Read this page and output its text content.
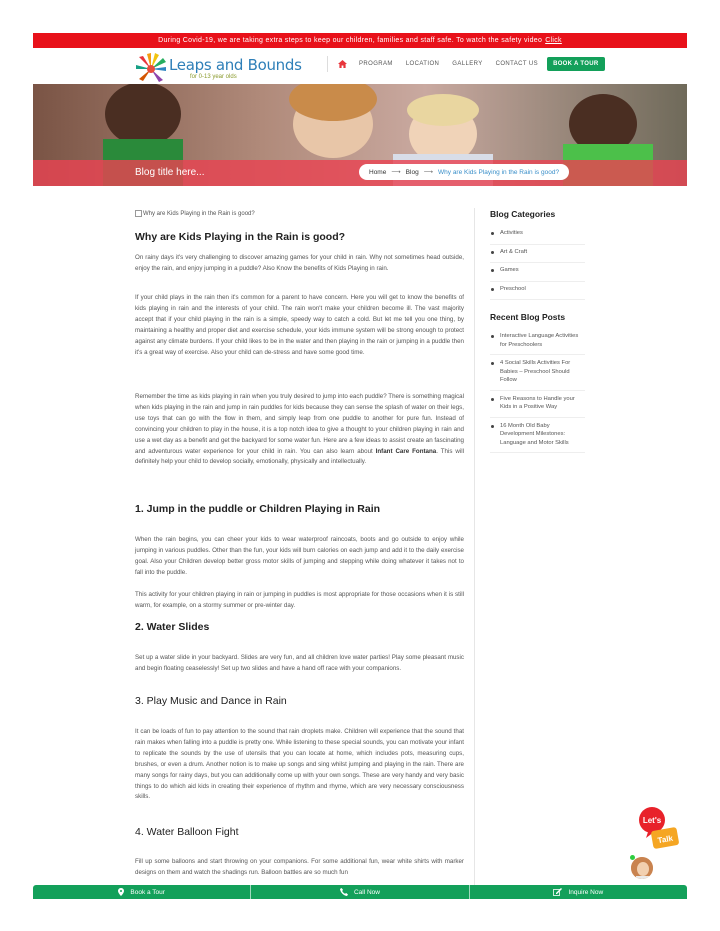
During Covid-19, we are taking extra steps to keep our children, families and staff safe. To watch the safety video Click
Leaps and Bounds
for 0-13 year olds
PROGRAM LOCATION GALLERY CONTACT US	BOOK A TOUR
Blog title here...	Home ⟶ Blog ⟶ Why are Kids Playing in the Rain is good?
Why are Kids Playing in the Rain is good?
Why are Kids Playing in the Rain is good?

On rainy days it's very challenging to discover amazing games for your child in rain. Why not sometimes head outside, enjoy the rain, and enjoy jumping in a puddle? Also Know the benefits of Kids Playing in rain.

If your child plays in the rain then it's common for a parent to have concern. Here you will get to know the benefits of kids playing in rain and the interests of your child. The rain won't make your children become ill. The vast majority accept that if your child playing in the rain is a simple, speedy way to catch a cold. But let me tell you one thing, by maintaining a healthy and proper diet and exercise schedule, your kids immune system will be strong enough to protect against any climate burdens. If your child likes to be in the water and then playing in the rain or jumping in a puddle then it's a great way of exercise. Also your child can de-stress and have some good time.

Remember the time as kids playing in rain when you truly desired to jump into each puddle? There is something magical when kids playing in the rain and jump in rain puddles for kids because they can sense the splash of water on their legs, use toys that can go with the flow in them, and simply leap from one puddle to another for pure fun. Instead of convincing your children to play in the house, it is a top notch idea to give a thought to your children playing in rain and use a wet day as a benefit and get the backyard for some water fun. Here are a few ideas to assist create an fascinating and adventurous water experience for your child in rain. You can also learn about Infant Care Fontana. This will definitely help your child to develop socially, emotionally, physically and intellectually.

1. Jump in the puddle or Children Playing in Rain

When the rain begins, you can cheer your kids to wear waterproof raincoats, boots and go outside to enjoy while jumping in various puddles. Other than the fun, your kids will burn calories on each jump and add it to the daily exercise goal. Also your Children develop better gross motor skills of jumping and stepping while doing whatever it takes not to fall into the puddle.

This activity for your children playing in rain or jumping in puddles is most appropriate for those occasions when it is still warm, for example, on a stormy summer or pre-winter day.

2. Water Slides

Set up a water slide in your backyard. Slides are very fun, and all children love water parties! Play some pleasant music and begin floating ceaselessly! Set up two slides and have a hand off race with your companions.

3. Play Music and Dance in Rain

It can be loads of fun to pay attention to the sound that rain droplets make. Children will experience that the sound that rain makes when falling into a puddle is pretty one. While listening to these special sounds, you can motivate your infant to replicate the sounds by the use of utensils that you can locate at home, which includes pots, measuring cups, brushes, or even a drum. Another notion is to make up songs and sing whilst jumping and playing in the rain. There are many songs for rainy days, but you can additionally come up with your own songs. These are very handy and very basic things to do which aid kids in creating their experience of rhythm and rhyme, which are very necessary consciousness skills.

4. Water Balloon Fight

Fill up some balloons and start throwing on your companions. For some additional fun, wear white shirts with marker designs on them and watch the shadings run. Balloon battles are so much fun

Blog Categories
Activities
Art & Craft
Games
Preschool
Recent Blog Posts
Interactive Language Activities for Preschoolers
4 Social Skills Activities For Babies – Preschool Should Follow
Five Reasons to Handle your Kids in a Positive Way
16 Month Old Baby Development Milestones: Language and Motor Skills
Let's
Talk
Book a Tour	Call Now	Inquire Now
